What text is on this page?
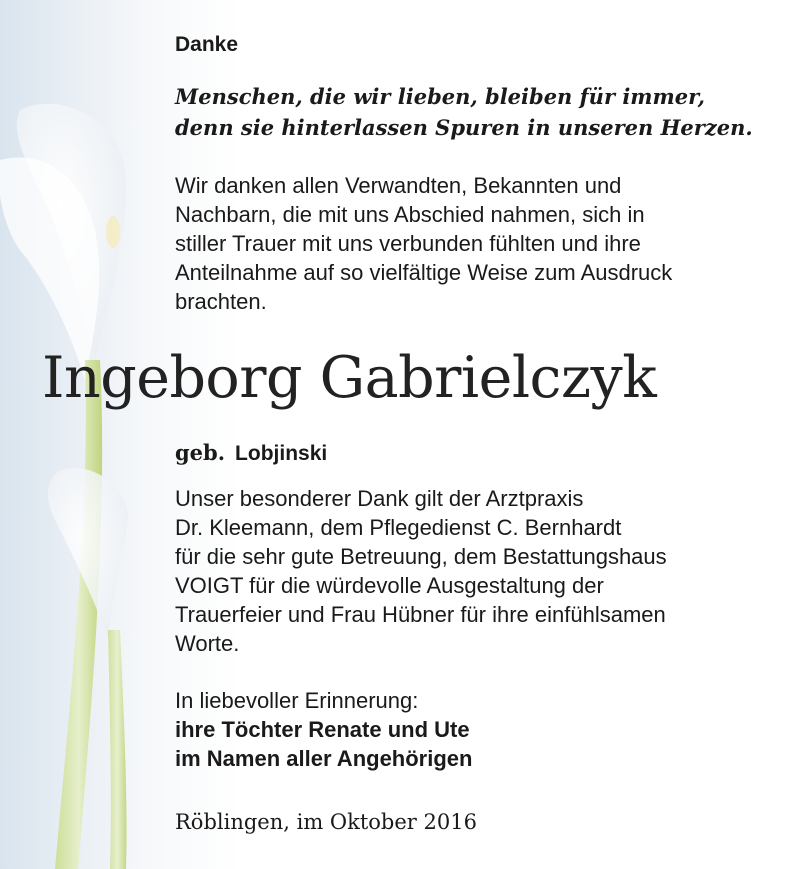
Danke

Menschen, die wir lieben, bleiben für immer,
denn sie hinterlassen Spuren in unseren Herzen.

Wir danken allen Verwandten, Bekannten und
Nachbarn, die mit uns Abschied nahmen, sich in
stiller Trauer mit uns verbunden fühlten und ihre
Anteilnahme auf so vielfältige Weise zum Ausdruck
brachten.

Ingeborg Gabrielczyk

geb. Lobjinski

Unser besonderer Dank gilt der Arztpraxis
Dr. Kleemann, dem Pflegedienst C. Bernhardt
für die sehr gute Betreuung, dem Bestattungshaus
VOIGT für die würdevolle Ausgestaltung der
Trauerfeier und Frau Hübner für ihre einfühlsamen
Worte.

In liebevoller Erinnerung:
ihre Töchter Renate und Ute
im Namen aller Angehörigen

Röblingen, im Oktober 2016
